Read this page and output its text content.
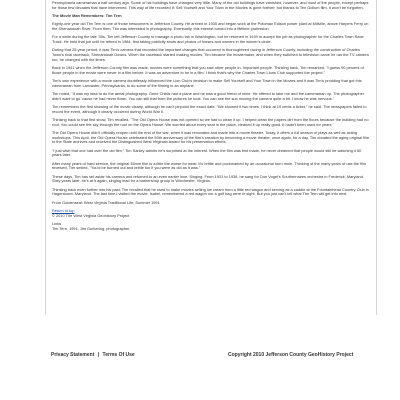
Pennsylvania cameraman a half century ago. Some of his buildings have changed very little. Many of the old buildings have vanished, however, and most of the people, except perhaps for those few decades that have intervened. This way of life recorded it: Sell Yourself and Your Town in the Movies is gone forever, but thanks to Ten Gollum film, it won't be forgotten.

The Movie Man Remembers: Tim Tern

Eighty-one year old Tim Tern is one of those newcomers in Jefferson County. He arrived in 1935 and began work at the Potomac Edison power plant at Millville, above Harpers Ferry on the Shenandoah River. From then, Tim was interested in photography. Eventually, this interest turned into a lifetime profession.

For a while during the late '30s, Tim left Jefferson County to manage a photo lab in Washington, but he returned in 1939 to accept the job as photographer for the Charles Town Race Track. He held that job until he retired in 1984, first taking publicity shots and photos of horses and owners in the winner's circle.

During that 25-year period, it was Tim's camera that recorded the important changes that occurred in thoroughbred racing in Jefferson County, including the construction of Charles Town's rival racetrack, Shenandoah Downs. When the racetrack started making movies, Tim became the moviemaker, and when they switched to television came he ran the TV camera too, he changed with the times.

Back in 1941 when the Jefferson County film was made, movies were something that you saw other people in. Important people. Thinking back, Tim remarked, "I guess 90 percent of those people in the movie were never in a film before. It was an adventure to be in a film. I think that's why the Charles Town Lions Club supported the project."

Tim's own experience with a movie camera doubtlessly influenced the Lion Club's decision to make Sell Yourself and Your Town in the Movies and it was Tim's prodding that got this cameraman from Lancaster, Pennsylvania, to do some of the filming in an airplane.

Tim noted, "It was my idea to do the aerial photography. Gene Childs had a plane and he was a good friend of mine. He offered to take me and the cameraman up. The photographer didn't want to go 'cause he had never flown. You can still that from the pictures he took. You can see the sun moving the camera quite a bit. I know he was nervous."

Tim remembers the first showing of the movie clearly, although he can't pinpoint the exact date. "We showed it two times, I think at 10 cents a ticket," he said. The newspapers failed to record the event, although it clearly occurred during World War II.

Thinking back to that first show, Tim recalled, "The Old Opera House was not opened so we had to clean it up. I helped clean the papers dirt from the floors because the building had no roof. You could see the sky through the roof on the Opera House. We worried about every seat in the place, cleaned it up really good. It hadn't been used for years."

The Old Opera House didn't officially reopen until the end of the war, when it was renovated and made into a movie theater. Today, it offers a full season of plays as well as acting workshops. This April, the Old Opera House celebrated the 50th anniversary of the film's creation by becoming a movie theater, once again, for a day. Tim donated the aging original film to the State archives and received the Distinguished West Virginian Award for his preservation efforts.

"I just wish that one had over the old film," Tim Sanley admits he's surprised at the interest. When the film was first made, he never dreamed that people would still be watching it 50 years later.

After many years of hard service, the original 35mm film is a little the worse for wear. It's brittle and pockmarked by an occasional burn mole. Thinking of the many years of use the film received, Tim smiled, "You'd be burned out and brittle too if you were as old as it was."

These days, Tim has set aside his camera and returned to an even earlier love. Singing. From 1931 to 1936, he sang for Don Vogel's Southernaires orchestra in Frederick, Maryland. Sixty years later, he's at it again, singing lead for a barbershop group in Winchester, Virginia.

Thinking back even further into his past, Tim recalled that he used to make movies selling ice cream from a little red wagon and serving as a caddie at the Fountainhead Country Club in Hagerstown, Maryland. The last time I visited the movie, Isabel, remembered a red wagon nor a golf bag were in sight. But you just can't tell what Tim Tern will get into next.

From Goldenseal: West Virginia Traditional Life, Summer 1991

Return to top

© 2010 The West Virginia Geohistory Project

Links

Tim Tern, 1991, Jim Gurkering, photographer

Privacy Statement | Terms Of Use	Copyright 2010 Jefferson County GeoHistory Project
